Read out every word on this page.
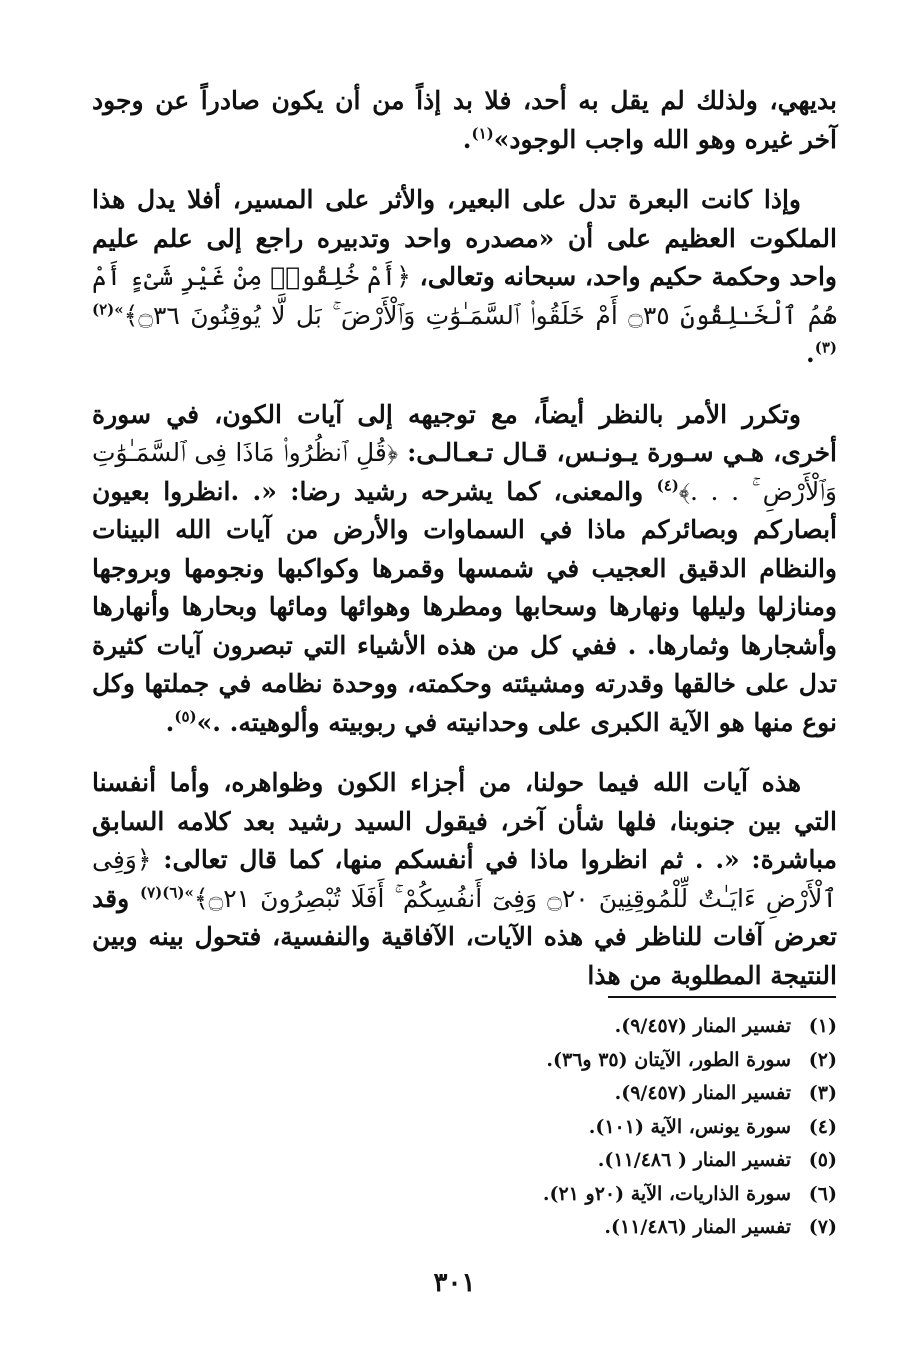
بديهي، ولذلك لم يقل به أحد، فلا بد إذاً من أن يكون صادراً عن وجود آخر غيره وهو الله واجب الوجود»$^{(١)}$.

وإذا كانت البعرة تدل على البعير، والأثر على المسير، أفلا يدل هذا الملكوت العظيم على أن «مصدره واحد وتدبيره راجع إلى علم عليم واحد وحكمة حكيم واحد، سبحانه وتعالى، ﴿أَمْ خُلِقُوا۟ مِنْ غَيْرِ شَىْءٍ أَمْ هُمُ ٱلْخَـٰلِقُونَ ۝٣٥ أَمْ خَلَقُوا۟ ٱلسَّمَـٰوَٰتِ وَٱلْأَرْضَ ۚ بَل لَّا يُوقِنُونَ ۝٣٦﴾$^{»(٢)(٣)}$.

وتكرر الأمر بالنظر أيضاً، مع توجيهه إلى آيات الكون، في سورة أخرى، هـي سـورة يـونـس، قـال تـعـالـى: ﴿قُلِ ٱنظُرُوا۟ مَاذَا فِى ٱلسَّمَـٰوَٰتِ وَٱلْأَرْضِ ۚ . . .﴾$^{(٤)}$ والمعنى، كما يشرحه رشيد رضا: «. .انظروا بعيون أبصاركم وبصائركم ماذا في السماوات والأرض من آيات الله البينات والنظام الدقيق العجيب في شمسها وقمرها وكواكبها ونجومها وبروجها ومنازلها وليلها ونهارها وسحابها ومطرها وهوائها ومائها وبحارها وأنهارها وأشجارها وثمارها. . ففي كل من هذه الأشياء التي تبصرون آيات كثيرة تدل على خالقها وقدرته ومشيئته وحكمته، ووحدة نظامه في جملتها وكل نوع منها هو الآية الكبرى على وحدانيته في ربوبيته وألوهيته. .»$^{(٥)}$.

هذه آيات الله فيما حولنا، من أجزاء الكون وظواهره، وأما أنفسنا التي بين جنوبنا، فلها شأن آخر، فيقول السيد رشيد بعد كلامه السابق مباشرة: «. . ثم انظروا ماذا في أنفسكم منها، كما قال تعالى: ﴿وَفِى ٱلْأَرْضِ ءَايَـٰتٌ لِّلْمُوقِنِينَ ۝٢٠ وَفِىٓ أَنفُسِكُمْ ۚ أَفَلَا تُبْصِرُونَ ۝٢١﴾$^{»(٦)(٧)}$ وقد تعرض آفات للناظر في هذه الآيات، الآفاقية والنفسية، فتحول بينه وبين النتيجة المطلوبة من هذا

(١)تفسير المنار (٩/٤٥٧).
(٢)سورة الطور، الآيتان (٣٥ و٣٦).
(٣)تفسير المنار (٩/٤٥٧).
(٤)سورة يونس، الآية (١٠١).
(٥)تفسير المنار ( ١١/٤٨٦).
(٦)سورة الذاريات، الآية (٢٠و ٢١).
(٧)تفسير المنار (١١/٤٨٦).
٣٠١
